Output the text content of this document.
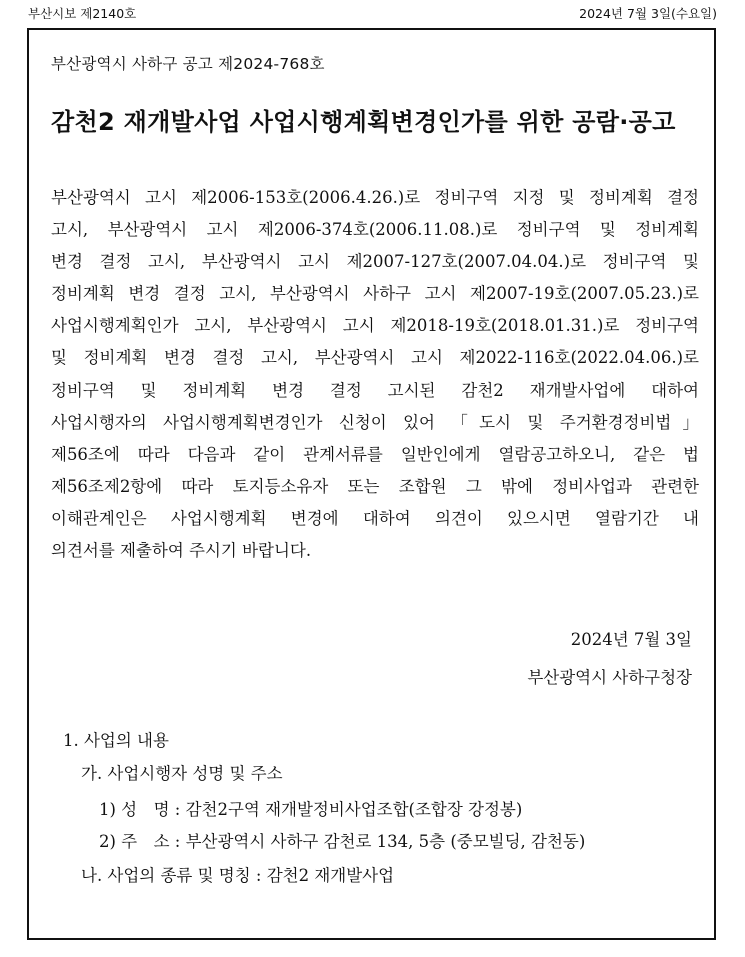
부산시보 제2140호	2024년 7월 3일(수요일)
부산광역시 사하구 공고 제2024-768호
감천2 재개발사업 사업시행계획변경인가를 위한 공람·공고
부산광역시 고시 제2006-153호(2006.4.26.)로 정비구역 지정 및 정비계획 결정
고시, 부산광역시 고시 제2006-374호(2006.11.08.)로 정비구역 및 정비계획
변경 결정 고시, 부산광역시 고시 제2007-127호(2007.04.04.)로 정비구역 및
정비계획 변경 결정 고시, 부산광역시 사하구 고시 제2007-19호(2007.05.23.)로
사업시행계획인가 고시, 부산광역시 고시 제2018-19호(2018.01.31.)로 정비구역
및 정비계획 변경 결정 고시, 부산광역시 고시 제2022-116호(2022.04.06.)로
정비구역 및 정비계획 변경 결정 고시된 감천2 재개발사업에 대하여
사업시행자의 사업시행계획변경인가 신청이 있어 「도시 및 주거환경정비법」
제56조에 따라 다음과 같이 관계서류를 일반인에게 열람공고하오니, 같은 법
제56조제2항에 따라 토지등소유자 또는 조합원 그 밖에 정비사업과 관련한
이해관계인은 사업시행계획 변경에 대하여 의견이 있으시면 열람기간 내
의견서를 제출하여 주시기 바랍니다.
2024년 7월 3일
부산광역시 사하구청장
1. 사업의 내용
가. 사업시행자 성명 및 주소
1) 성　명 : 감천2구역 재개발정비사업조합(조합장 강정봉)
2) 주　소 : 부산광역시 사하구 감천로 134, 5층 (중모빌딩, 감천동)
나. 사업의 종류 및 명칭 : 감천2 재개발사업
